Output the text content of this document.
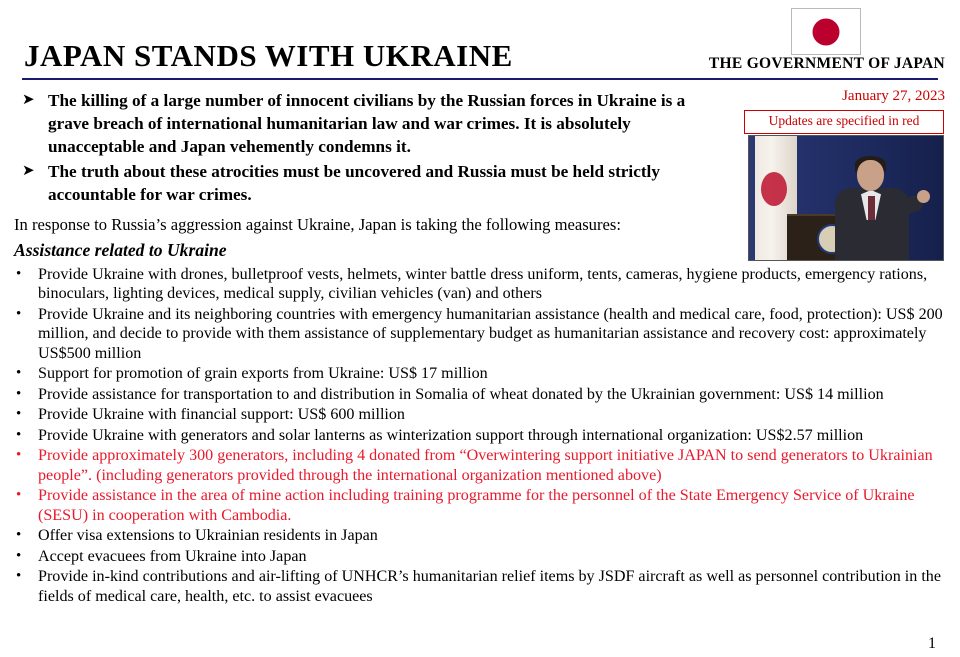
JAPAN STANDS WITH UKRAINE	THE GOVERNMENT OF JAPAN
January 27, 2023
Updates are specified in red
➤ The killing of a large number of innocent civilians by the Russian forces in Ukraine is a grave breach of international humanitarian law and war crimes. It is absolutely unacceptable and Japan vehemently condemns it.
➤ The truth about these atrocities must be uncovered and Russia must be held strictly accountable for war crimes.
In response to Russia’s aggression against Ukraine, Japan is taking the following measures:
Assistance related to Ukraine
•	Provide Ukraine with drones, bulletproof vests, helmets, winter battle dress uniform, tents, cameras, hygiene products, emergency rations, binoculars, lighting devices, medical supply, civilian vehicles (van) and others
•	Provide Ukraine and its neighboring countries with emergency humanitarian assistance (health and medical care, food, protection): US$ 200 million, and decide to provide with them assistance of supplementary budget as humanitarian assistance and recovery cost: approximately US$500 million
•	Support for promotion of grain exports from Ukraine: US$ 17 million
•	Provide assistance for transportation to and distribution in Somalia of wheat donated by the Ukrainian government: US$ 14 million
•	Provide Ukraine with financial support: US$ 600 million
•	Provide Ukraine with generators and solar lanterns as winterization support through international organization: US$2.57 million
•	Provide approximately 300 generators, including 4 donated from “Overwintering support initiative JAPAN to send generators to Ukrainian people”. (including generators provided through the international organization mentioned above)
•	Provide assistance in the area of mine action including training programme for the personnel of the State Emergency Service of Ukraine (SESU) in cooperation with Cambodia.
•	Offer visa extensions to Ukrainian residents in Japan
•	Accept evacuees from Ukraine into Japan
•	Provide in-kind contributions and air-lifting of UNHCR’s humanitarian relief items by JSDF aircraft as well as personnel contribution in the fields of medical care, health, etc. to assist evacuees
1
